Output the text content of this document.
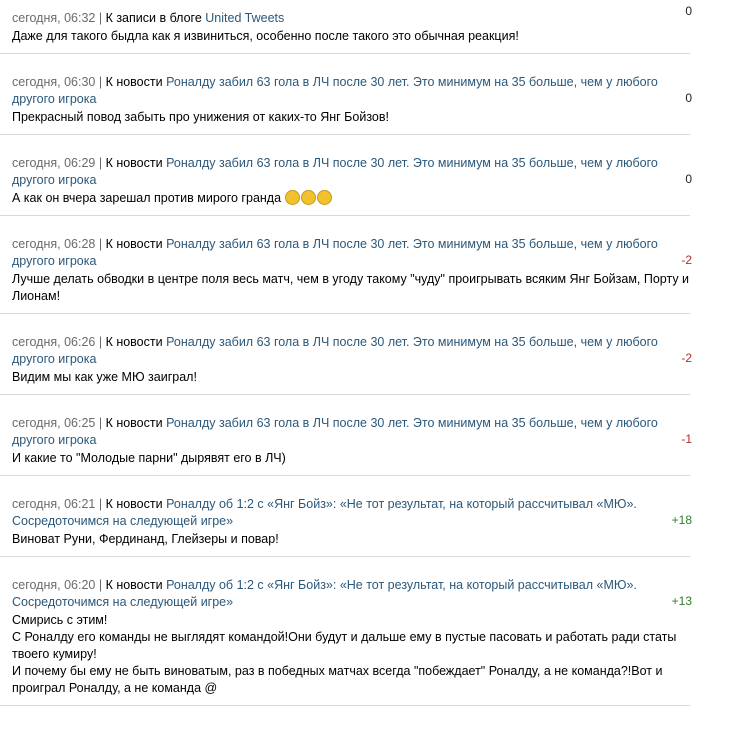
сегодня, 06:32 | К записи в блоге United Tweets
Даже для такого быдла как я извиниться, особенно после такого это обычная реакция!
0
сегодня, 06:30 | К новости Роналду забил 63 гола в ЛЧ после 30 лет. Это минимум на 35 больше, чем у любого другого игрока
Прекрасный повод забыть про унижения от каких-то Янг Бойзов!
0
сегодня, 06:29 | К новости Роналду забил 63 гола в ЛЧ после 30 лет. Это минимум на 35 больше, чем у любого другого игрока
А как он вчера зарешал против мирого гранда
0
сегодня, 06:28 | К новости Роналду забил 63 гола в ЛЧ после 30 лет. Это минимум на 35 больше, чем у любого другого игрока
Лучше делать обводки в центре поля весь матч, чем в угоду такому "чуду" проигрывать всяким Янг Бойзам, Порту и Лионам!
-2
сегодня, 06:26 | К новости Роналду забил 63 гола в ЛЧ после 30 лет. Это минимум на 35 больше, чем у любого другого игрока
Видим мы как уже МЮ заиграл!
-2
сегодня, 06:25 | К новости Роналду забил 63 гола в ЛЧ после 30 лет. Это минимум на 35 больше, чем у любого другого игрока
И какие то "Молодые парни" дырявят его в ЛЧ)
-1
сегодня, 06:21 | К новости Роналду об 1:2 с «Янг Бойз»: «Не тот результат, на который рассчитывал «МЮ». Сосредоточимся на следующей игре»
Виноват Руни, Фердинанд, Глейзеры и повар!
+18
сегодня, 06:20 | К новости Роналду об 1:2 с «Янг Бойз»: «Не тот результат, на который рассчитывал «МЮ». Сосредоточимся на следующей игре»
Смирись с этим!
С Роналду его команды не выглядят командой!Они будут и дальше ему в пустые пасовать и работать ради статы твоего кумиру!
И почему бы ему не быть виноватым, раз в победных матчах всегда "побеждает" Роналду, а не команда?!Вот и проиграл Роналду, а не команда @
+13
